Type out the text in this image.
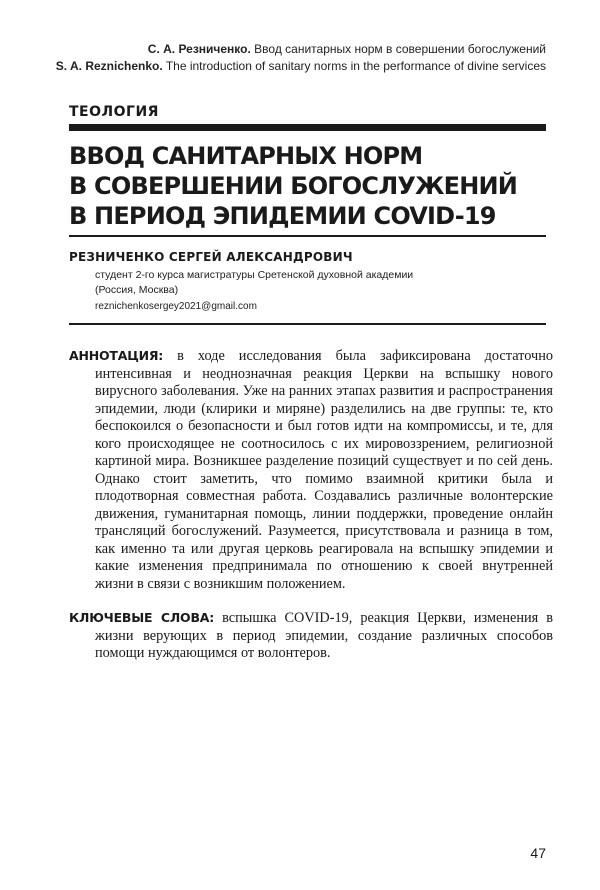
С. А. Резниченко. Ввод санитарных норм в совершении богослужений
S. A. Reznichenko. The introduction of sanitary norms in the performance of divine services
ТЕОЛОГИЯ
ВВОД САНИТАРНЫХ НОРМ
В СОВЕРШЕНИИ БОГОСЛУЖЕНИЙ
В ПЕРИОД ЭПИДЕМИИ COVID-19
РЕЗНИЧЕНКО СЕРГЕЙ АЛЕКСАНДРОВИЧ
студент 2-го курса магистратуры Сретенской духовной академии
(Россия, Москва)
reznichenkosergey2021@gmail.com

АННОТАЦИЯ: в ходе исследования была зафиксирована достаточно интенсивная и неоднозначная реакция Церкви на вспышку нового вирусного заболевания. Уже на ранних этапах развития и распространения эпидемии, люди (клирики и миряне) разделились на две группы: те, кто беспокоился о безопасности и был готов идти на компромиссы, и те, для кого происходящее не соотносилось с их мировоззрением, религиозной картиной мира. Возникшее разделение позиций существует и по сей день. Однако стоит заметить, что помимо взаимной критики была и плодотворная совместная работа. Создавались различные волонтерские движения, гуманитарная помощь, линии поддержки, проведение онлайн трансляций богослужений. Разумеется, присутствовала и разница в том, как именно та или другая церковь реагировала на вспышку эпидемии и какие изменения предпринимала по отношению к своей внутренней жизни в связи с возникшим положением.

КЛЮЧЕВЫЕ СЛОВА: вспышка COVID-19, реакция Церкви, изменения в жизни верующих в период эпидемии, создание различных способов помощи нуждающимся от волонтеров.

47
